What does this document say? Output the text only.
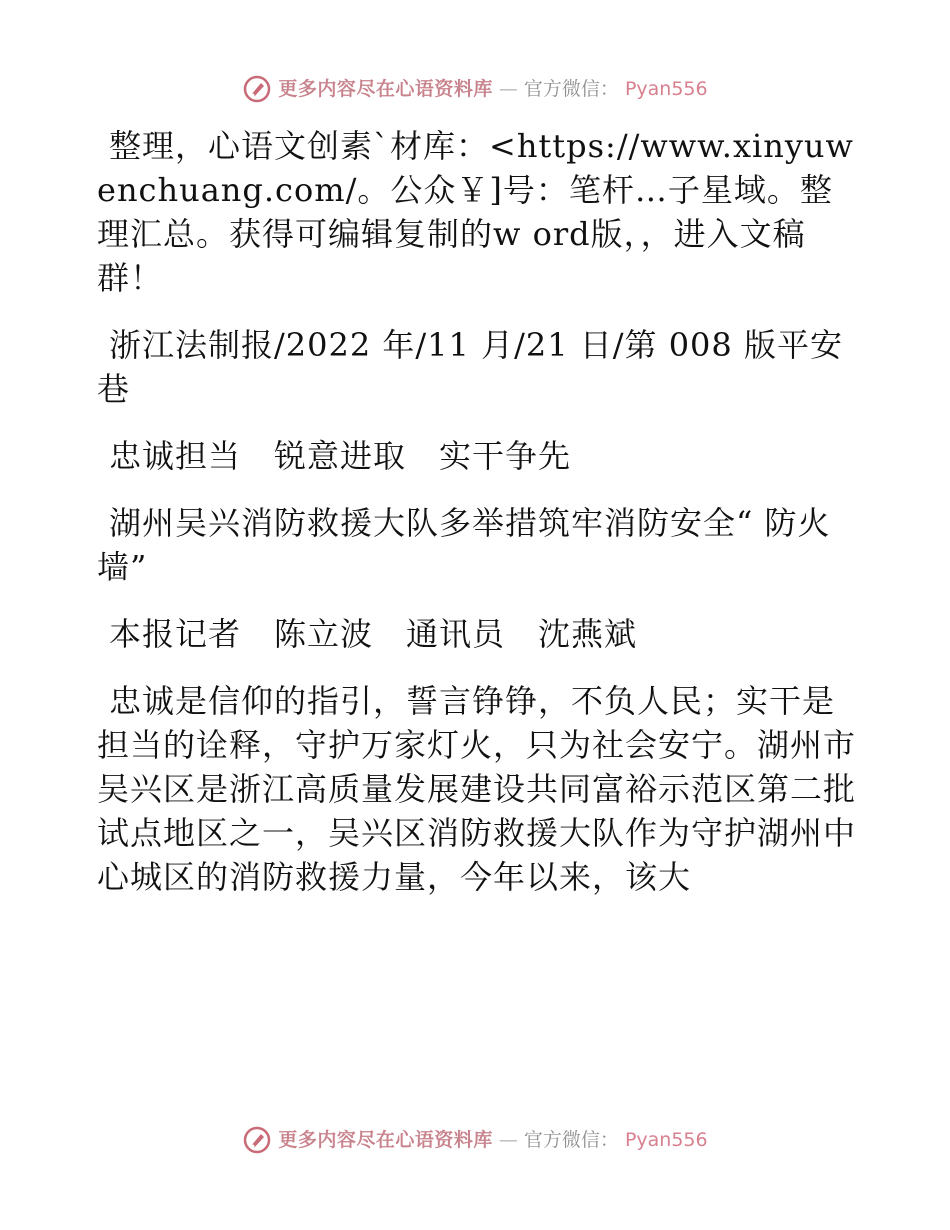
更多内容尽在心语资料库 — 官方微信： Pyan556

整理，心语文创素`材库：<https://www.xinyuwenchuang.com/。公众￥]号：笔杆…子星域。整理汇总。获得可编辑复制的w ord版，，进入文稿群！

浙江法制报/2022 年/11 月/21 日/第 008 版平安巷

忠诚担当　锐意进取　实干争先

湖州吴兴消防救援大队多举措筑牢消防安全“ 防火墙”

本报记者　陈立波　通讯员　沈燕斌

忠诚是信仰的指引，誓言铮铮，不负人民；实干是担当的诠释，守护万家灯火，只为社会安宁。湖州市吴兴区是浙江高质量发展建设共同富裕示范区第二批试点地区之一，吴兴区消防救援大队作为守护湖州中心城区的消防救援力量，今年以来，该大

更多内容尽在心语资料库 — 官方微信： Pyan556
